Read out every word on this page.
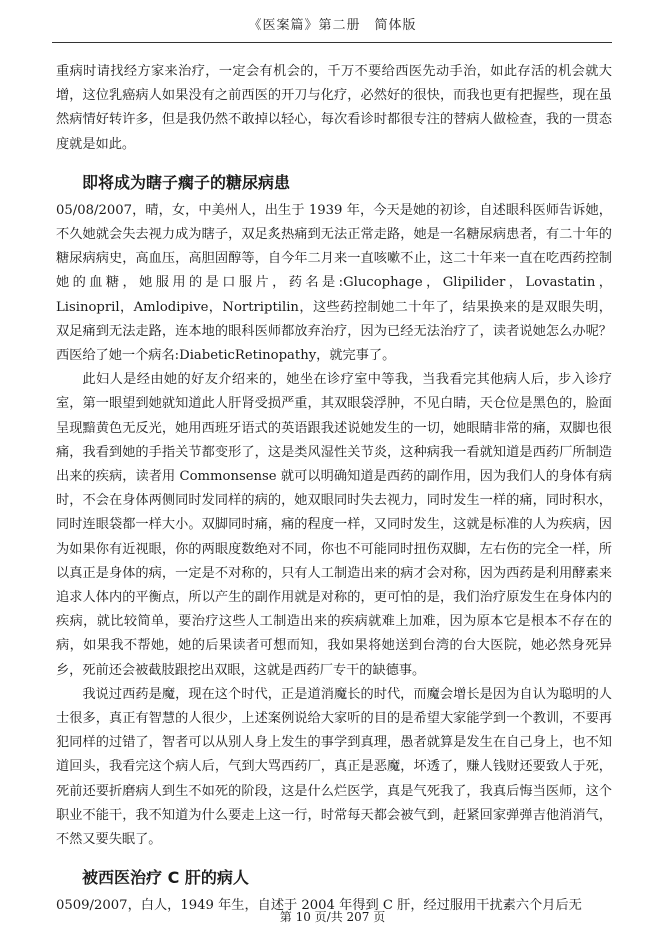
《医案篇》第二册　简体版

重病时请找经方家来治疗，一定会有机会的，千万不要给西医先动手治，如此存活的机会就大增，这位乳癌病人如果没有之前西医的开刀与化疗，必然好的很快，而我也更有把握些，现在虽然病情好转许多，但是我仍然不敢掉以轻心，每次看诊时都很专注的替病人做检查，我的一贯态度就是如此。

即将成为瞎子瘸子的糖尿病患

05/08/2007，晴，女，中美州人，出生于 1939 年，今天是她的初诊，自述眼科医师告诉她，不久她就会失去视力成为瞎子，双足炙热痛到无法正常走路，她是一名糖尿病患者，有二十年的糖尿病病史，高血压，高胆固醇等，自今年二月来一直咳嗽不止，这二十年来一直在吃西药控制她的血糖，她服用的是口服片，药名是:Glucophage，Glipilider，Lovastatin，Lisinopril，Amlodipive，Nortriptilin，这些药控制她二十年了，结果换来的是双眼失明，双足痛到无法走路，连本地的眼科医师都放弃治疗，因为已经无法治疗了，读者说她怎么办呢？西医给了她一个病名:DiabeticRetinopathy，就完事了。

此妇人是经由她的好友介绍来的，她坐在诊疗室中等我，当我看完其他病人后，步入诊疗室，第一眼望到她就知道此人肝肾受损严重，其双眼袋浮肿，不见白睛，天仓位是黑色的，脸面呈现黯黄色无反光，她用西班牙语式的英语跟我述说她发生的一切，她眼睛非常的痛，双脚也很痛，我看到她的手指关节都变形了，这是类风湿性关节炎，这种病我一看就知道是西药厂所制造出来的疾病，读者用 Commonsense 就可以明确知道是西药的副作用，因为我们人的身体有病时，不会在身体两侧同时发同样的病的，她双眼同时失去视力，同时发生一样的痛，同时积水，同时连眼袋都一样大小。双脚同时痛，痛的程度一样，又同时发生，这就是标准的人为疾病，因为如果你有近视眼，你的两眼度数绝对不同，你也不可能同时扭伤双脚，左右伤的完全一样，所以真正是身体的病，一定是不对称的，只有人工制造出来的病才会对称，因为西药是利用酵素来追求人体内的平衡点，所以产生的副作用就是对称的，更可怕的是，我们治疗原发生在身体内的疾病，就比较简单，要治疗这些人工制造出来的疾病就难上加难，因为原本它是根本不存在的病，如果我不帮她，她的后果读者可想而知，我如果将她送到台湾的台大医院，她必然身死异乡，死前还会被截肢跟挖出双眼，这就是西药厂专干的缺德事。

我说过西药是魔，现在这个时代，正是道消魔长的时代，而魔会增长是因为自认为聪明的人士很多，真正有智慧的人很少，上述案例说给大家听的目的是希望大家能学到一个教训，不要再犯同样的过错了，智者可以从别人身上发生的事学到真理，愚者就算是发生在自己身上，也不知道回头，我看完这个病人后，气到大骂西药厂，真正是恶魔，坏透了，赚人钱财还要致人于死，死前还要折磨病人到生不如死的阶段，这是什么烂医学，真是气死我了，我真后悔当医师，这个职业不能干，我不知道为什么要走上这一行，时常每天都会被气到，赶紧回家弹弹吉他消消气，不然又要失眠了。

被西医治疗 C 肝的病人

0509/2007，白人，1949 年生，自述于 2004 年得到 C 肝，经过服用干扰素六个月后无

第 10 页/共 207 页
